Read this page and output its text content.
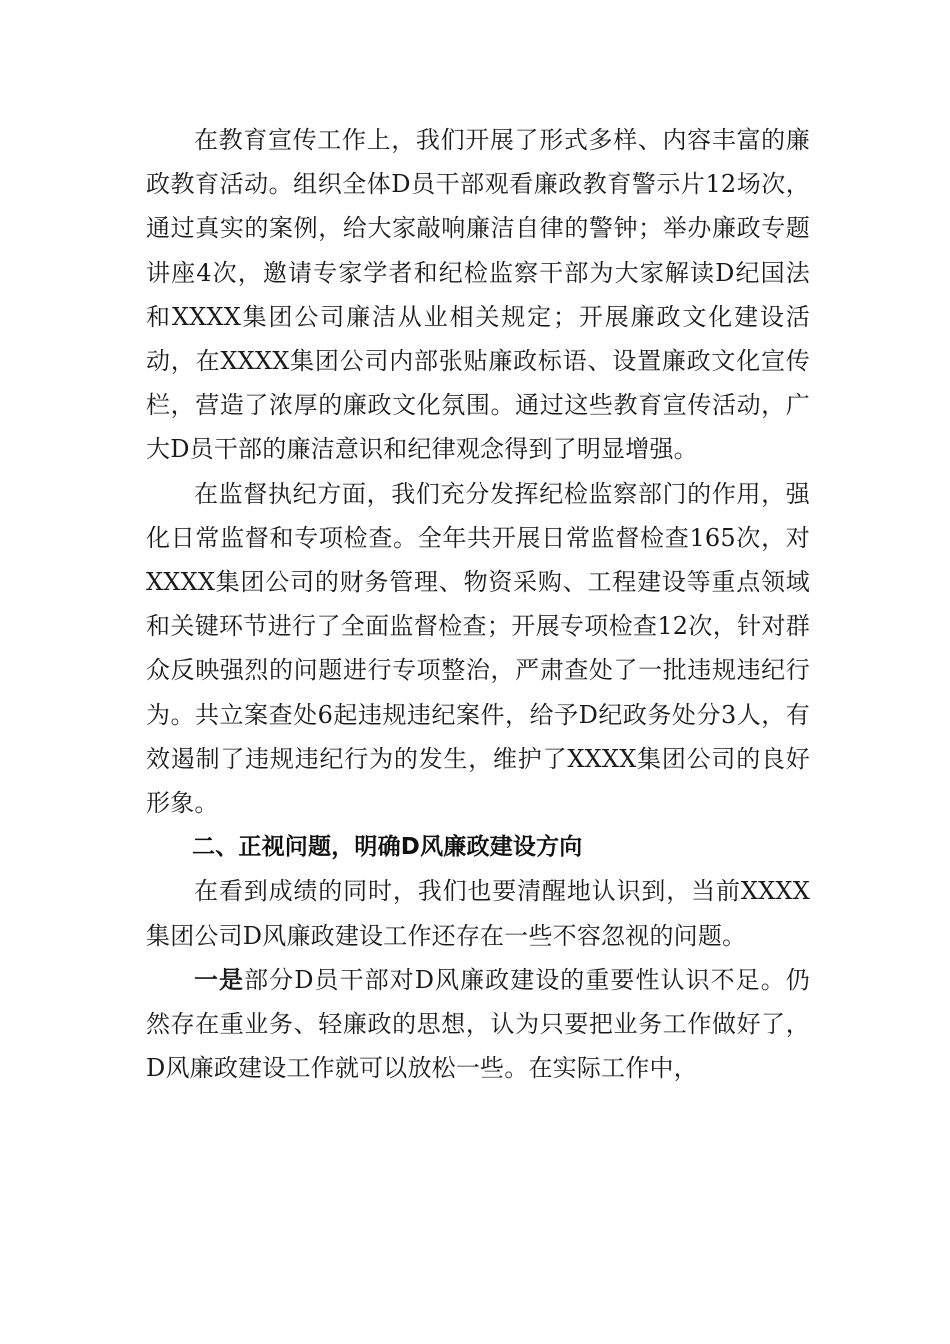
在教育宣传工作上，我们开展了形式多样、内容丰富的廉政教育活动。组织全体D员干部观看廉政教育警示片12场次，通过真实的案例，给大家敲响廉洁自律的警钟；举办廉政专题讲座4次，邀请专家学者和纪检监察干部为大家解读D纪国法和XXXX集团公司廉洁从业相关规定；开展廉政文化建设活动，在XXXX集团公司内部张贴廉政标语、设置廉政文化宣传栏，营造了浓厚的廉政文化氛围。通过这些教育宣传活动，广大D员干部的廉洁意识和纪律观念得到了明显增强。

在监督执纪方面，我们充分发挥纪检监察部门的作用，强化日常监督和专项检查。全年共开展日常监督检查165次，对XXXX集团公司的财务管理、物资采购、工程建设等重点领域和关键环节进行了全面监督检查；开展专项检查12次，针对群众反映强烈的问题进行专项整治，严肃查处了一批违规违纪行为。共立案查处6起违规违纪案件，给予D纪政务处分3人，有效遏制了违规违纪行为的发生，维护了XXXX集团公司的良好形象。

二、正视问题，明确D风廉政建设方向

在看到成绩的同时，我们也要清醒地认识到，当前XXXX集团公司D风廉政建设工作还存在一些不容忽视的问题。

一是部分D员干部对D风廉政建设的重要性认识不足。仍然存在重业务、轻廉政的思想，认为只要把业务工作做好了，D风廉政建设工作就可以放松一些。在实际工作中，
